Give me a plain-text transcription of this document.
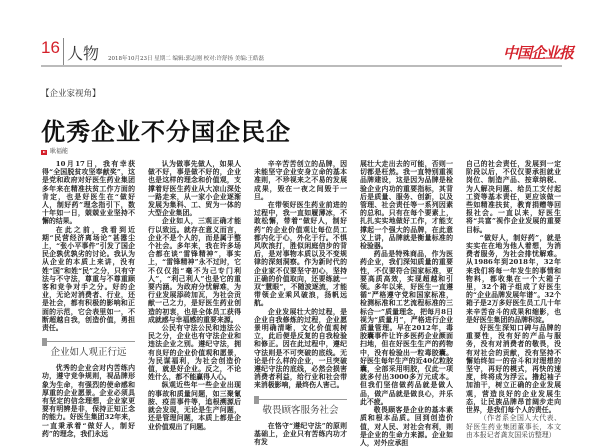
16 人物 2018年10月23日 星期二 编辑:郭志刚 校对:许舒扬 美编:王皓磊	中国企业报
【企业家视角】
优秀企业不分国企民企
耿福能

10月17日，我有幸获得“全国脱贫攻坚奉献奖”，这是党和政府对好医生药业集团多年来在精准扶贫工作方面的肯定，也是好医生在“做好人，制好药”理念指引下，数十年如一日，兢兢业业坚持不懈的结果。

在此之前，我看到近期“民营经济离场论”甚嚣尘上，“张小平事件”引发了国企民企孰优孰劣的讨论。我认为从企业的本质上来讲，没有姓“国”和姓“民”之分，只有守法与不守法，尊重与不尊重顾客和竞争对手之分。好的企业，无论对消费者、行业，还是社会，都有积极的影响和正面的示范，它会表里如一，不断超越自我，创造价值，勇担责任。

企业如人观正行远

优秀的企业会对内苦练内功，遵守竞争规则，视品牌形象为生命，有强烈的使命感和厚重的企业愿景。企业必须具有坚定的信念理想，企业家更要有明辨是非，保持正知正念的能力。好医生集团32年来，一直秉承着“做好人，制好药”的理念，我们永远

认为做事先做人，如果人做不好，事是做不好的，企业也是这样的理念和价值观，支撑着好医生药业从大凉山深处一路走来，从一家小企业逐渐发展为集科、工、贸为一体的大型企业集团。

企业如人，三观正确才能行以致远。就存在意义而言，企业不是个人的，而是属于整个社会。多年来，我在许多场合都在谈“雷锋精神”，事实上，“雷锋精神”永不过时，它不仅仅指“毫不为己专门利人”，“利己利人”也是它的重要内涵。为政府分忧解难，为行业发展添砖加瓦，为社会贡献一己之力，是好医生药业创造的初衷，也是全体员工获得成就感与幸福感的重要来源。

公民有守法公民和违法公民之分，企业也有守法企业和违法企业之别。遵纪守法，拥有良好的企业价值观和愿景，为民谋福利，为社会创造价值，就是好企业。反之，不论姓什么，都不能赢得人心。

纵观近些年一些企业出现的事故和质量问题，如三聚氰胺、疫苗事件等，追根溯源后就会发现，无论是生产问题，还是管理问题，本质上都是企业价值观出了问题。

辛辛苦苦创立的品牌，因未能坚守企业安身立命的基本准则，不珍视来之不易的发展成果，毁在一夜之间毁于一旦。

在带领好医生药业前进的过程中，我一直如履薄冰，不敢松懈，带着“做好人，制好药”的企业价值观让每位员工都内化于心，外化于行。不惧风吹浪打，胜似闲庭信步的背后，是对事物本质以及不变规律的深刻洞察。作为新时代的企业家不仅要坚守初心，坚持正确的价值取向，还要练就一双“慧眼”，不随波逐流，才能带领企业乘风破浪，扬帆远航。

企业发展壮大的过程，是企业自我修炼的过程，企业愿景明确清晰，文化价值观树立，此后便是反复的自我检验和修正。因在此过程中，遵纪守法则是不可突破的底线。无论是什么样的企业，一旦突破遵纪守法的底线，必然会损害消费者利益，给行业和社会带来消极影响，最终伤人害己。

敬畏顾客服务社会

在恪守“遵纪守法”的原则基础上，企业只有苦练内功才有发

展壮大走出去的可能，否则一切都是枉然。我一直特别重视品牌建设，这是因为品牌是检验企业内功的重要指标，其背后是质量、服务、创新，以及管理、社会责任等一系列因素的总和。只有在每个要素上，扎扎实实地做好工作，才能支撑起一个强大的品牌，在此意义上讲，品牌就是衡量标准的检验器。

药品是特殊商品，作为医药企业，我们深知质量的重要性，不仅要符合国家标准，更要高质高效，实现超越和引领。多年以来，好医生一直遵循“严格遵守党和国家标准，检测标准和工艺流程标准的三标合一”质量理念，把每月8日视为“质量月”，严格进行企业质量管理。早在2012年，毒胶囊事件让许多医药企业颜面扫地，但在好医生生产的药物中，没有检验出一粒毒胶囊。好医生每年生产的近40亿粒胶囊，全部采用明胶，仅此一项就多付出3000多万元成本。但我们坚信做药品就是做人品，做产品就是做良心，并乐此不疲。

敬畏顾客是企业的基本素质和根本品质。回到创造价值，对人民、对社会有利，则是企业的生命力来源。企业如人，对外应承担

自己的社会责任，发展到一定阶段以后，不仅仅要承担就业岗位、制造产品、按章纳税、为人解决问题、给员工支付起工资等基本责任，更应该做一些如精准扶贫，教育捐赠等回报社会。一直以来，好医生将“共富”视作企业发展的重要目标。

“做好人，制好药”，就是实实在在地为他人着想，为消费者服务，为社会排忧解难。从1986年到2018年，32年来我们将每一年发生的事情和物料，都收集在一个大箱子里，32个箱子组成了好医生的“企业品牌发展年谱”。32个箱子是2万多好医生员工几十年来辛苦奋斗的成果和缩影，也是好医生集团的品牌积淀。

好医生深知口碑与品牌的重要性，没有好的产品与服务，没有对消费者的敬畏，没有对社会的贡献，没有坚持不懈始终如一的奋斗和对理想的坚守，再好的模式，再快的速度，终将成为浮云。撸起袖子加油干，树立正确的企业发展观，营造良好的企业发展生态，让民族品牌昂首阔步走向世界，是我们每个人的责任。

（作者系全国人大代表、好医生药业集团董事长，本文由本报记者龚友国采访整理）
